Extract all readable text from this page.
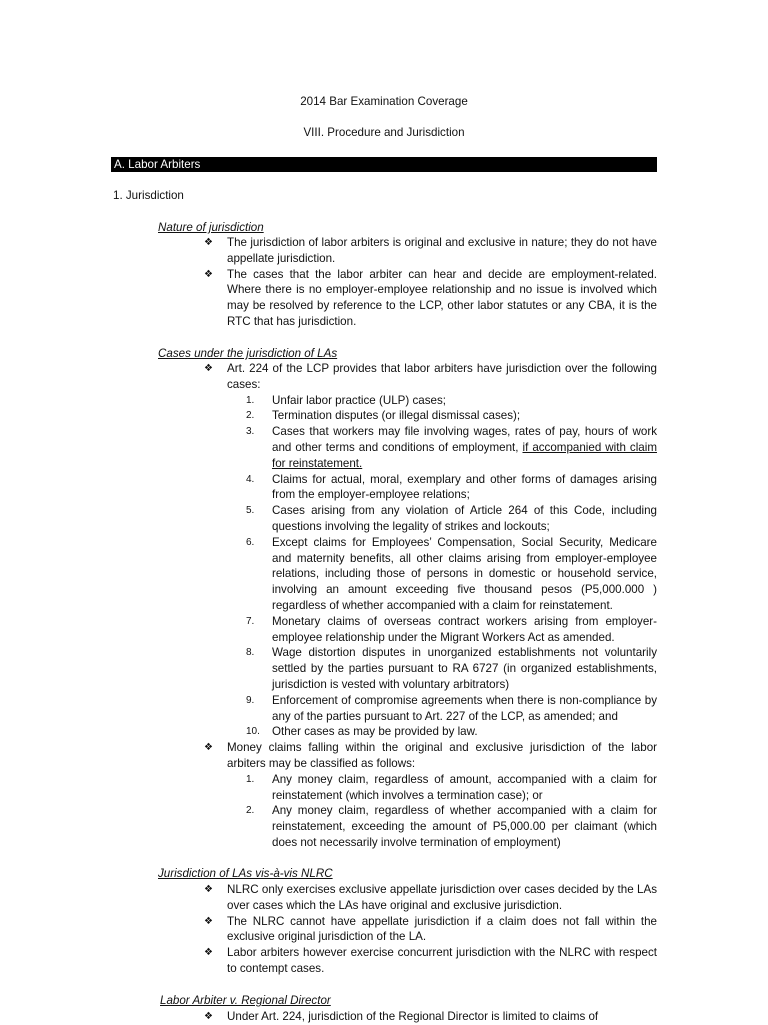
2014 Bar Examination Coverage
VIII. Procedure and Jurisdiction
A. Labor Arbiters
1. Jurisdiction
Nature of jurisdiction
❖ The jurisdiction of labor arbiters is original and exclusive in nature; they do not have appellate jurisdiction.
❖ The cases that the labor arbiter can hear and decide are employment-related. Where there is no employer-employee relationship and no issue is involved which may be resolved by reference to the LCP, other labor statutes or any CBA, it is the RTC that has jurisdiction.
Cases under the jurisdiction of LAs
❖ Art. 224 of the LCP provides that labor arbiters have jurisdiction over the following cases:
1.	Unfair labor practice (ULP) cases;
2.	Termination disputes (or illegal dismissal cases);
3.	Cases that workers may file involving wages, rates of pay, hours of work and other terms and conditions of employment, if accompanied with claim for reinstatement.
4.	Claims for actual, moral, exemplary and other forms of damages arising from the employer-employee relations;
5.	Cases arising from any violation of Article 264 of this Code, including questions involving the legality of strikes and lockouts;
6.	Except claims for Employees’ Compensation, Social Security, Medicare and maternity benefits, all other claims arising from employer-employee relations, including those of persons in domestic or household service, involving an amount exceeding five thousand pesos (P5,000.000 ) regardless of whether accompanied with a claim for reinstatement.
7.	Monetary claims of overseas contract workers arising from employer-employee relationship under the Migrant Workers Act as amended.
8.	Wage distortion disputes in unorganized establishments not voluntarily settled by the parties pursuant to RA 6727 (in organized establishments, jurisdiction is vested with voluntary arbitrators)
9.	Enforcement of compromise agreements when there is non-compliance by any of the parties pursuant to Art. 227 of the LCP, as amended; and
10.	Other cases as may be provided by law.
❖ Money claims falling within the original and exclusive jurisdiction of the labor arbiters may be classified as follows:
1.	Any money claim, regardless of amount, accompanied with a claim for reinstatement (which involves a termination case); or
2.	Any money claim, regardless of whether accompanied with a claim for reinstatement, exceeding the amount of P5,000.00 per claimant (which does not necessarily involve termination of employment)
Jurisdiction of LAs vis-à-vis NLRC
❖ NLRC only exercises exclusive appellate jurisdiction over cases decided by the LAs over cases which the LAs have original and exclusive jurisdiction.
❖ The NLRC cannot have appellate jurisdiction if a claim does not fall within the exclusive original jurisdiction of the LA.
❖ Labor arbiters however exercise concurrent jurisdiction with the NLRC with respect to contempt cases.
Labor Arbiter v. Regional Director
❖ Under Art. 224, jurisdiction of the Regional Director is limited to claims of
